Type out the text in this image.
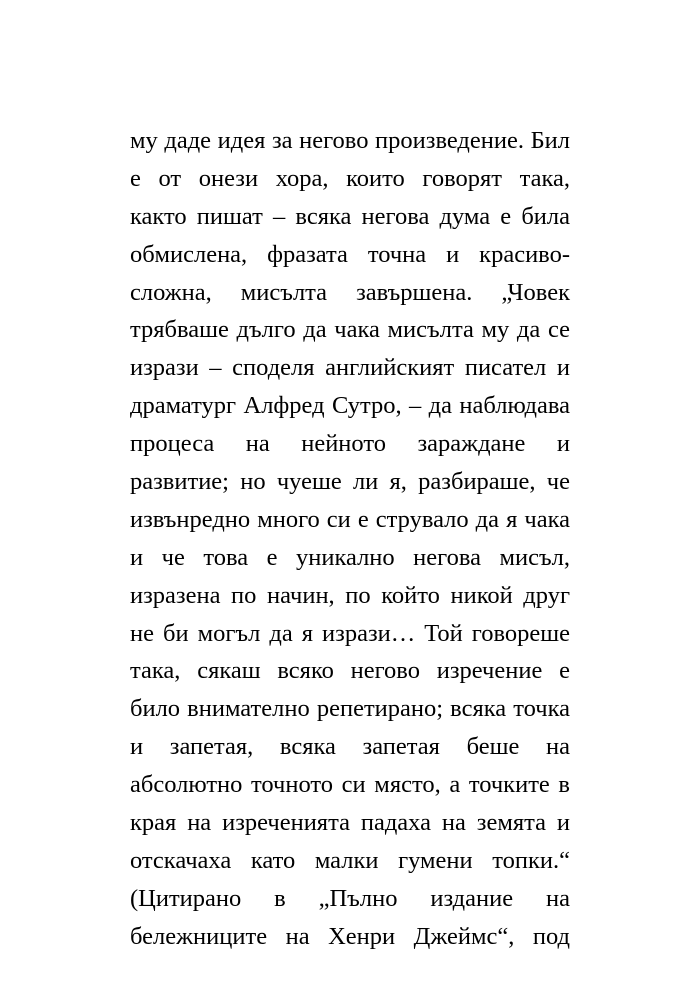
му даде идея за негово произведение. Бил
е от онези хора, които говорят така,
както пишат – всяка негова дума е била
обмислена, фразата точна и красиво-
сложна, мисълта завършена. „Човек
трябваше дълго да чака мисълта му да се
изрази – споделя английският писател и
драматург Алфред Сутро, – да наблюдава
процеса на нейното зараждане и
развитие; но чуеше ли я, разбираше, че
извънредно много си е струвало да я чака
и че това е уникално негова мисъл,
изразена по начин, по който никой друг
не би могъл да я изрази… Той говореше
така, сякаш всяко негово изречение е
било внимателно репетирано; всяка точка
и запетая, всяка запетая беше на
абсолютно точното си място, а точките в
края на изреченията падаха на земята и
отскачаха като малки гумени топки.“
(Цитирано в „Пълно издание на
бележниците на Хенри Джеймс“, под
